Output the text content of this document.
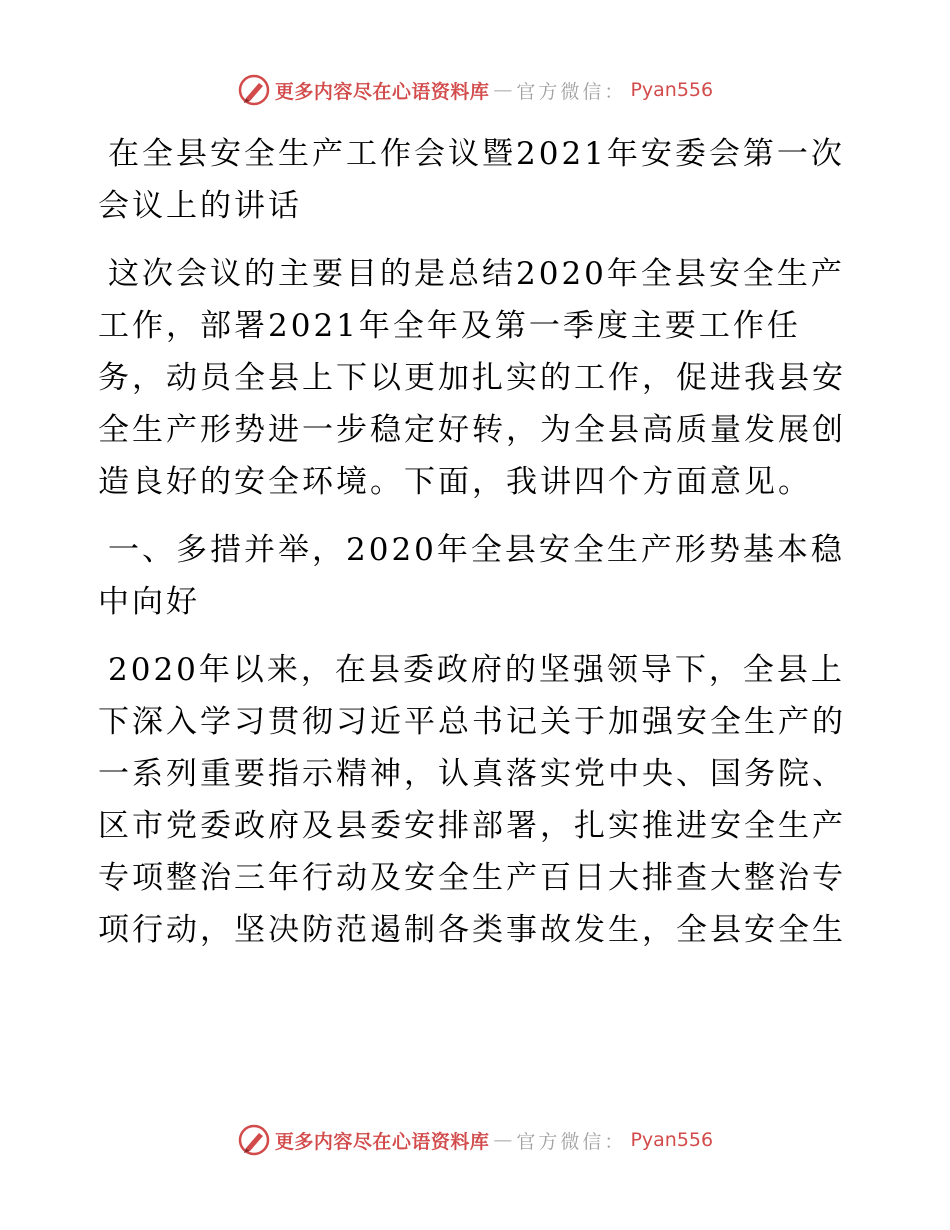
更多内容尽在心语资料库 — 官方微信： Pyan556

在全县安全生产工作会议暨2021年安委会第一次会议上的讲话

这次会议的主要目的是总结2020年全县安全生产工作，部署2021年全年及第一季度主要工作任务，动员全县上下以更加扎实的工作，促进我县安全生产形势进一步稳定好转，为全县高质量发展创造良好的安全环境。下面，我讲四个方面意见。

一、多措并举，2020年全县安全生产形势基本稳中向好

2020年以来，在县委政府的坚强领导下，全县上下深入学习贯彻习近平总书记关于加强安全生产的一系列重要指示精神，认真落实党中央、国务院、区市党委政府及县委安排部署，扎实推进安全生产专项整治三年行动及安全生产百日大排查大整治专项行动，坚决防范遏制各类事故发生，全县安全生

更多内容尽在心语资料库 — 官方微信： Pyan556
